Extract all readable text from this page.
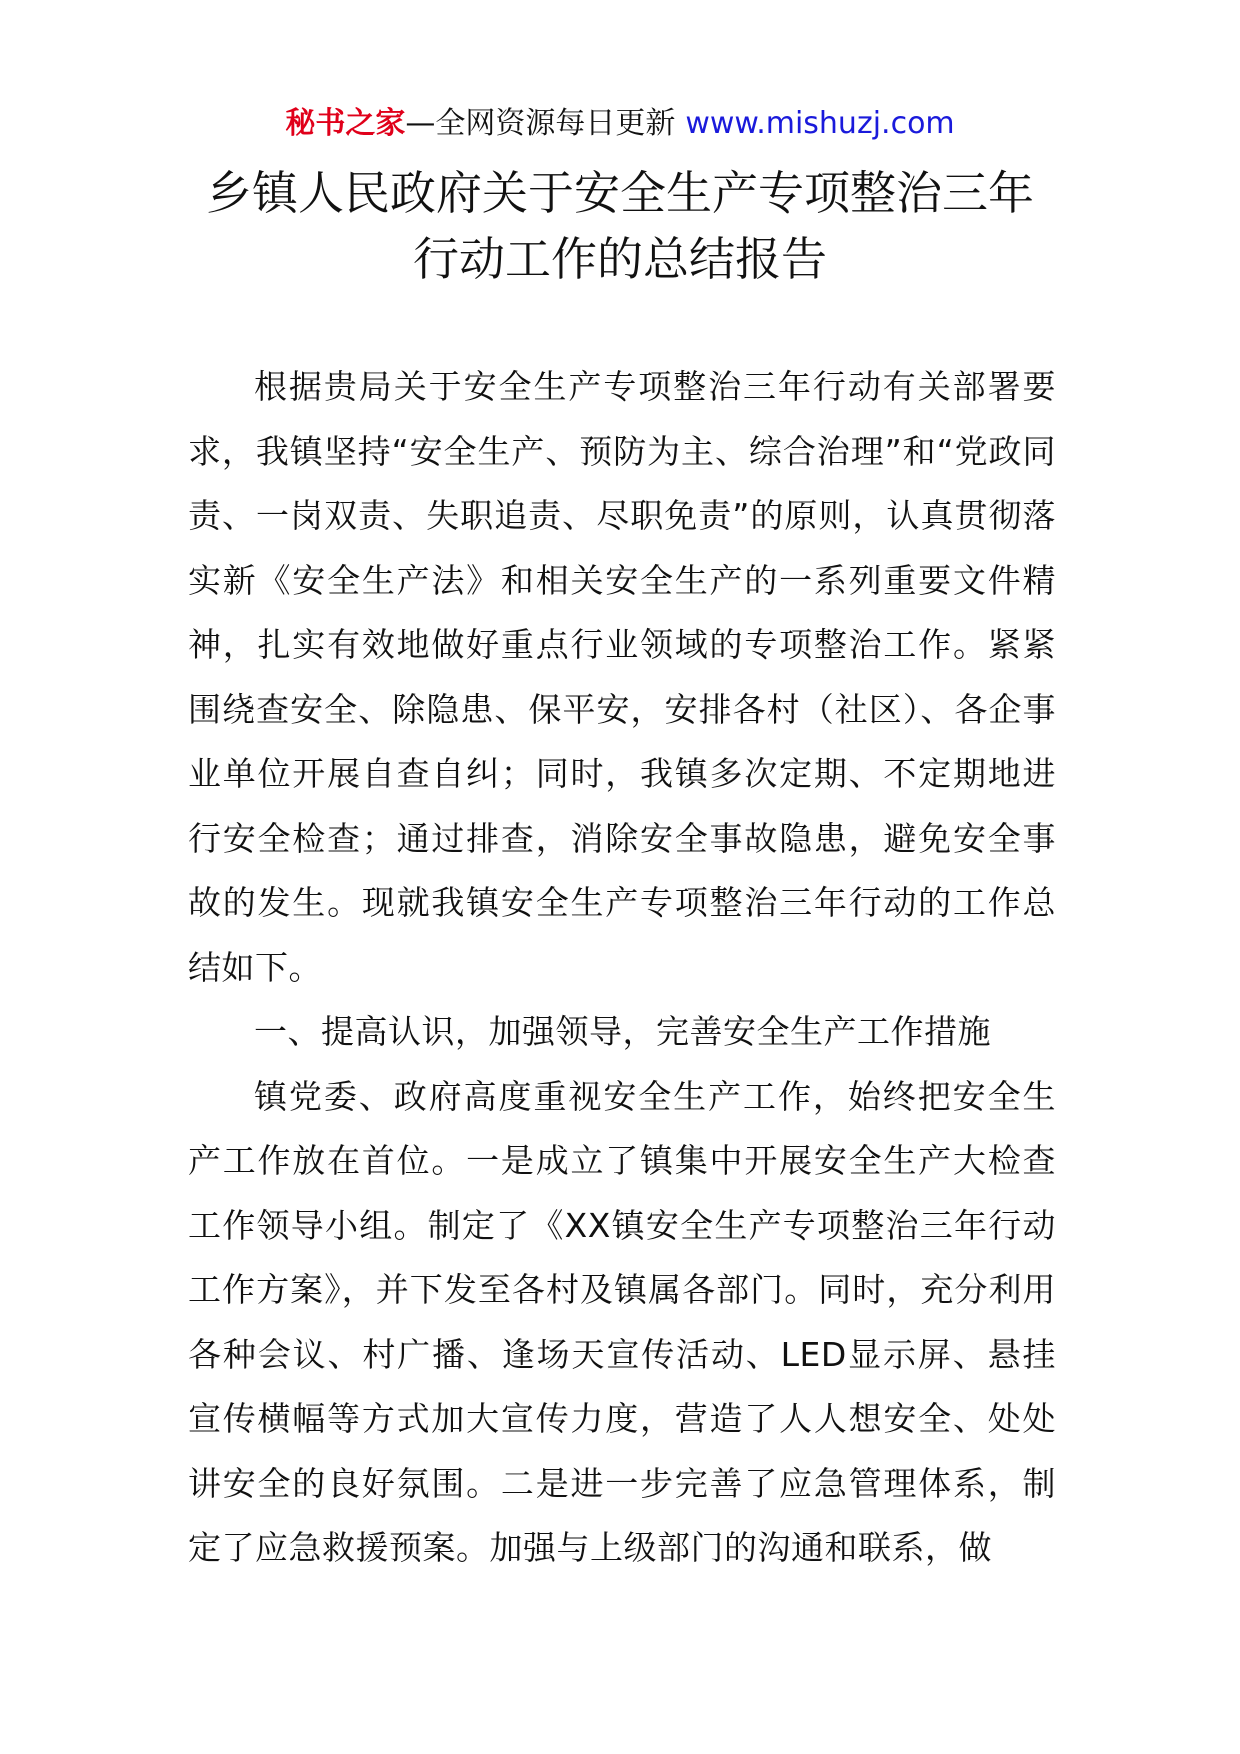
秘书之家—全网资源每日更新 www.mishuzj.com
乡镇人民政府关于安全生产专项整治三年
行动工作的总结报告

根据贵局关于安全生产专项整治三年行动有关部署要求，我镇坚持“安全生产、预防为主、综合治理”和“党政同责、一岗双责、失职追责、尽职免责”的原则，认真贯彻落实新《安全生产法》和相关安全生产的一系列重要文件精神，扎实有效地做好重点行业领域的专项整治工作。紧紧围绕查安全、除隐患、保平安，安排各村（社区）、各企事业单位开展自查自纠；同时，我镇多次定期、不定期地进行安全检查；通过排查，消除安全事故隐患，避免安全事故的发生。现就我镇安全生产专项整治三年行动的工作总结如下。

一、提高认识，加强领导，完善安全生产工作措施

镇党委、政府高度重视安全生产工作，始终把安全生产工作放在首位。一是成立了镇集中开展安全生产大检查工作领导小组。制定了《XX镇安全生产专项整治三年行动工作方案》，并下发至各村及镇属各部门。同时，充分利用各种会议、村广播、逢场天宣传活动、LED显示屏、悬挂宣传横幅等方式加大宣传力度，营造了人人想安全、处处讲安全的良好氛围。二是进一步完善了应急管理体系，制定了应急救援预案。加强与上级部门的沟通和联系，做
